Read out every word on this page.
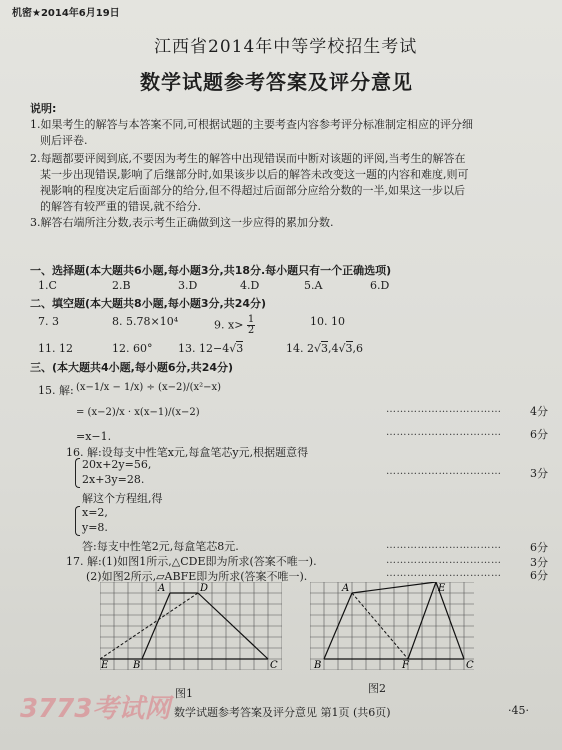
机密★2014年6月19日
江西省2014年中等学校招生考试
数学试题参考答案及评分意见
说明:
1.如果考生的解答与本答案不同,可根据试题的主要考查内容参考评分标准制定相应的评分细
则后评卷.
2.每题都要评阅到底,不要因为考生的解答中出现错误而中断对该题的评阅,当考生的解答在
某一步出现错误,影响了后继部分时,如果该步以后的解答未改变这一题的内容和难度,则可
视影响的程度决定后面部分的给分,但不得超过后面部分应给分数的一半,如果这一步以后
的解答有较严重的错误,就不给分.
3.解答右端所注分数,表示考生正确做到这一步应得的累加分数.
一、选择题(本大题共6小题,每小题3分,共18分.每小题只有一个正确选项)
1.C	2.B	3.D	4.D	5.A	6.D
二、填空题(本大题共8小题,每小题3分,共24分)
7. 3	8. 5.78×10⁴	9. $x> \frac{1}{2}$	10. 10
11. 12	12. 60° 13. 12−4√3	14. 2√3,4√3,6
三、(本大题共4小题,每小题6分,共24分)
15. 解: (x−1/x − 1/x) ÷ (x−2)/(x²−x)
= (x−2)/x · x(x−1)/(x−2)	……………………………	4分
=x−1.	……………………………	6分
16. 解:设每支中性笔x元,每盒笔芯y元,根据题意得
20x+2y=56,
2x+3y=28.
……………………………	3分
解这个方程组,得
x=2,
y=8.
答:每支中性笔2元,每盒笔芯8元.	……………………………	6分
17. 解:(1)如图1所示,△CDE即为所求(答案不唯一).	……………………………	3分
(2)如图2所示,▱ABFE即为所求(答案不唯一).	……………………………	6分
A	D
E B	C
图1
A	E
B	F	C
图2
3773考试网 数学试题参考答案及评分意见 第1页 (共6页)	·45·
